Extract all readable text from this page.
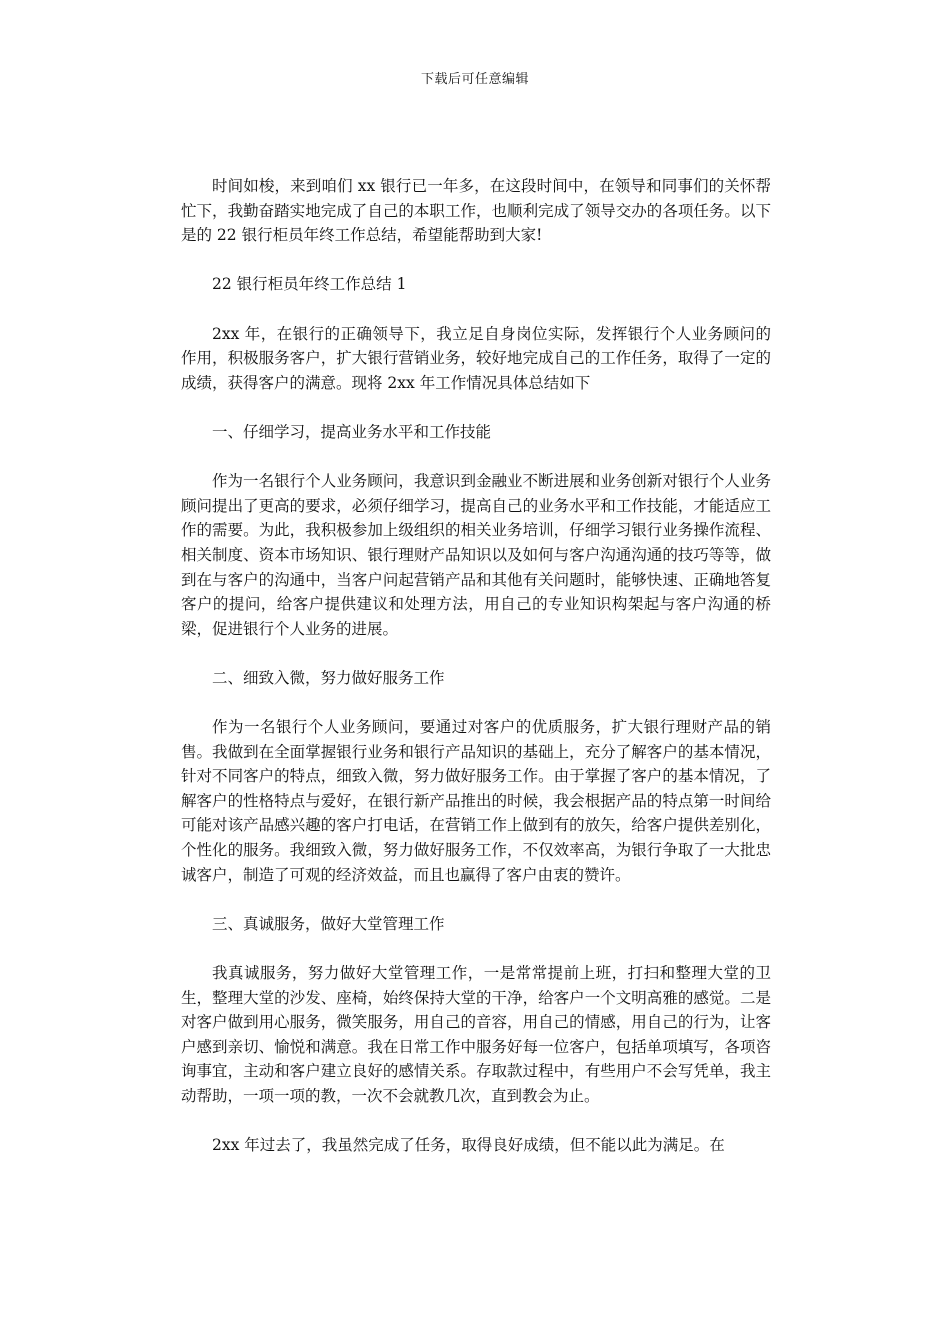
下载后可任意编辑

时间如梭，来到咱们 xx 银行已一年多，在这段时间中，在领导和同事们的关怀帮忙下，我勤奋踏实地完成了自己的本职工作，也顺利完成了领导交办的各项任务。以下是的 22 银行柜员年终工作总结，希望能帮助到大家!

22 银行柜员年终工作总结 1

2xx 年，在银行的正确领导下，我立足自身岗位实际，发挥银行个人业务顾问的作用，积极服务客户，扩大银行营销业务，较好地完成自己的工作任务，取得了一定的成绩，获得客户的满意。现将 2xx 年工作情况具体总结如下

一、仔细学习，提高业务水平和工作技能

作为一名银行个人业务顾问，我意识到金融业不断进展和业务创新对银行个人业务顾问提出了更高的要求，必须仔细学习，提高自己的业务水平和工作技能，才能适应工作的需要。为此，我积极参加上级组织的相关业务培训，仔细学习银行业务操作流程、相关制度、资本市场知识、银行理财产品知识以及如何与客户沟通沟通的技巧等等，做到在与客户的沟通中，当客户问起营销产品和其他有关问题时，能够快速、正确地答复客户的提问，给客户提供建议和处理方法，用自己的专业知识构架起与客户沟通的桥梁，促进银行个人业务的进展。

二、细致入微，努力做好服务工作

作为一名银行个人业务顾问，要通过对客户的优质服务，扩大银行理财产品的销售。我做到在全面掌握银行业务和银行产品知识的基础上，充分了解客户的基本情况，针对不同客户的特点，细致入微，努力做好服务工作。由于掌握了客户的基本情况，了解客户的性格特点与爱好，在银行新产品推出的时候，我会根据产品的特点第一时间给可能对该产品感兴趣的客户打电话，在营销工作上做到有的放矢，给客户提供差别化，个性化的服务。我细致入微，努力做好服务工作，不仅效率高，为银行争取了一大批忠诚客户，制造了可观的经济效益，而且也赢得了客户由衷的赞许。

三、真诚服务，做好大堂管理工作

我真诚服务，努力做好大堂管理工作，一是常常提前上班，打扫和整理大堂的卫生，整理大堂的沙发、座椅，始终保持大堂的干净，给客户一个文明高雅的感觉。二是对客户做到用心服务，微笑服务，用自己的音容，用自己的情感，用自己的行为，让客户感到亲切、愉悦和满意。我在日常工作中服务好每一位客户，包括单项填写，各项咨询事宜，主动和客户建立良好的感情关系。存取款过程中，有些用户不会写凭单，我主动帮助，一项一项的教，一次不会就教几次，直到教会为止。

2xx 年过去了，我虽然完成了任务，取得良好成绩，但不能以此为满足。在
